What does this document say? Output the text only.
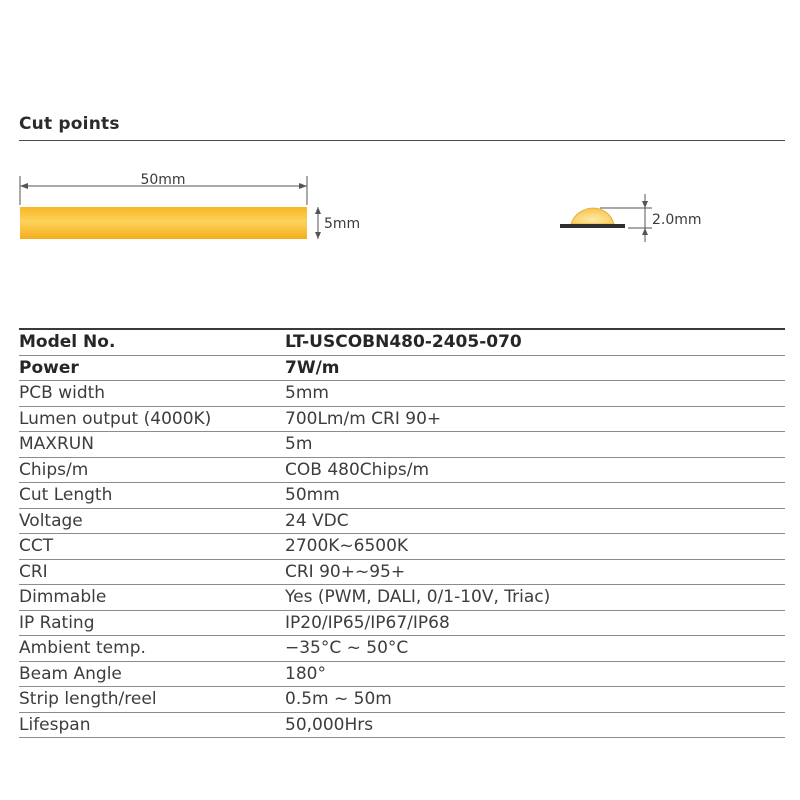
Cut points
50mm
5mm	2.0mm
Model No.	LT-USCOBN480-2405-070
Power	7W/m
PCB width	5mm
Lumen output (4000K)	700Lm/m CRI 90+
MAXRUN	5m
Chips/m	COB 480Chips/m
Cut Length	50mm
Voltage	24 VDC
CCT	2700K~6500K
CRI	CRI 90+~95+
Dimmable	Yes (PWM, DALI, 0/1-10V, Triac)
IP Rating	IP20/IP65/IP67/IP68
Ambient temp.	−35°C ~ 50°C
Beam Angle	180°
Strip length/reel	0.5m ~ 50m
Lifespan	50,000Hrs
